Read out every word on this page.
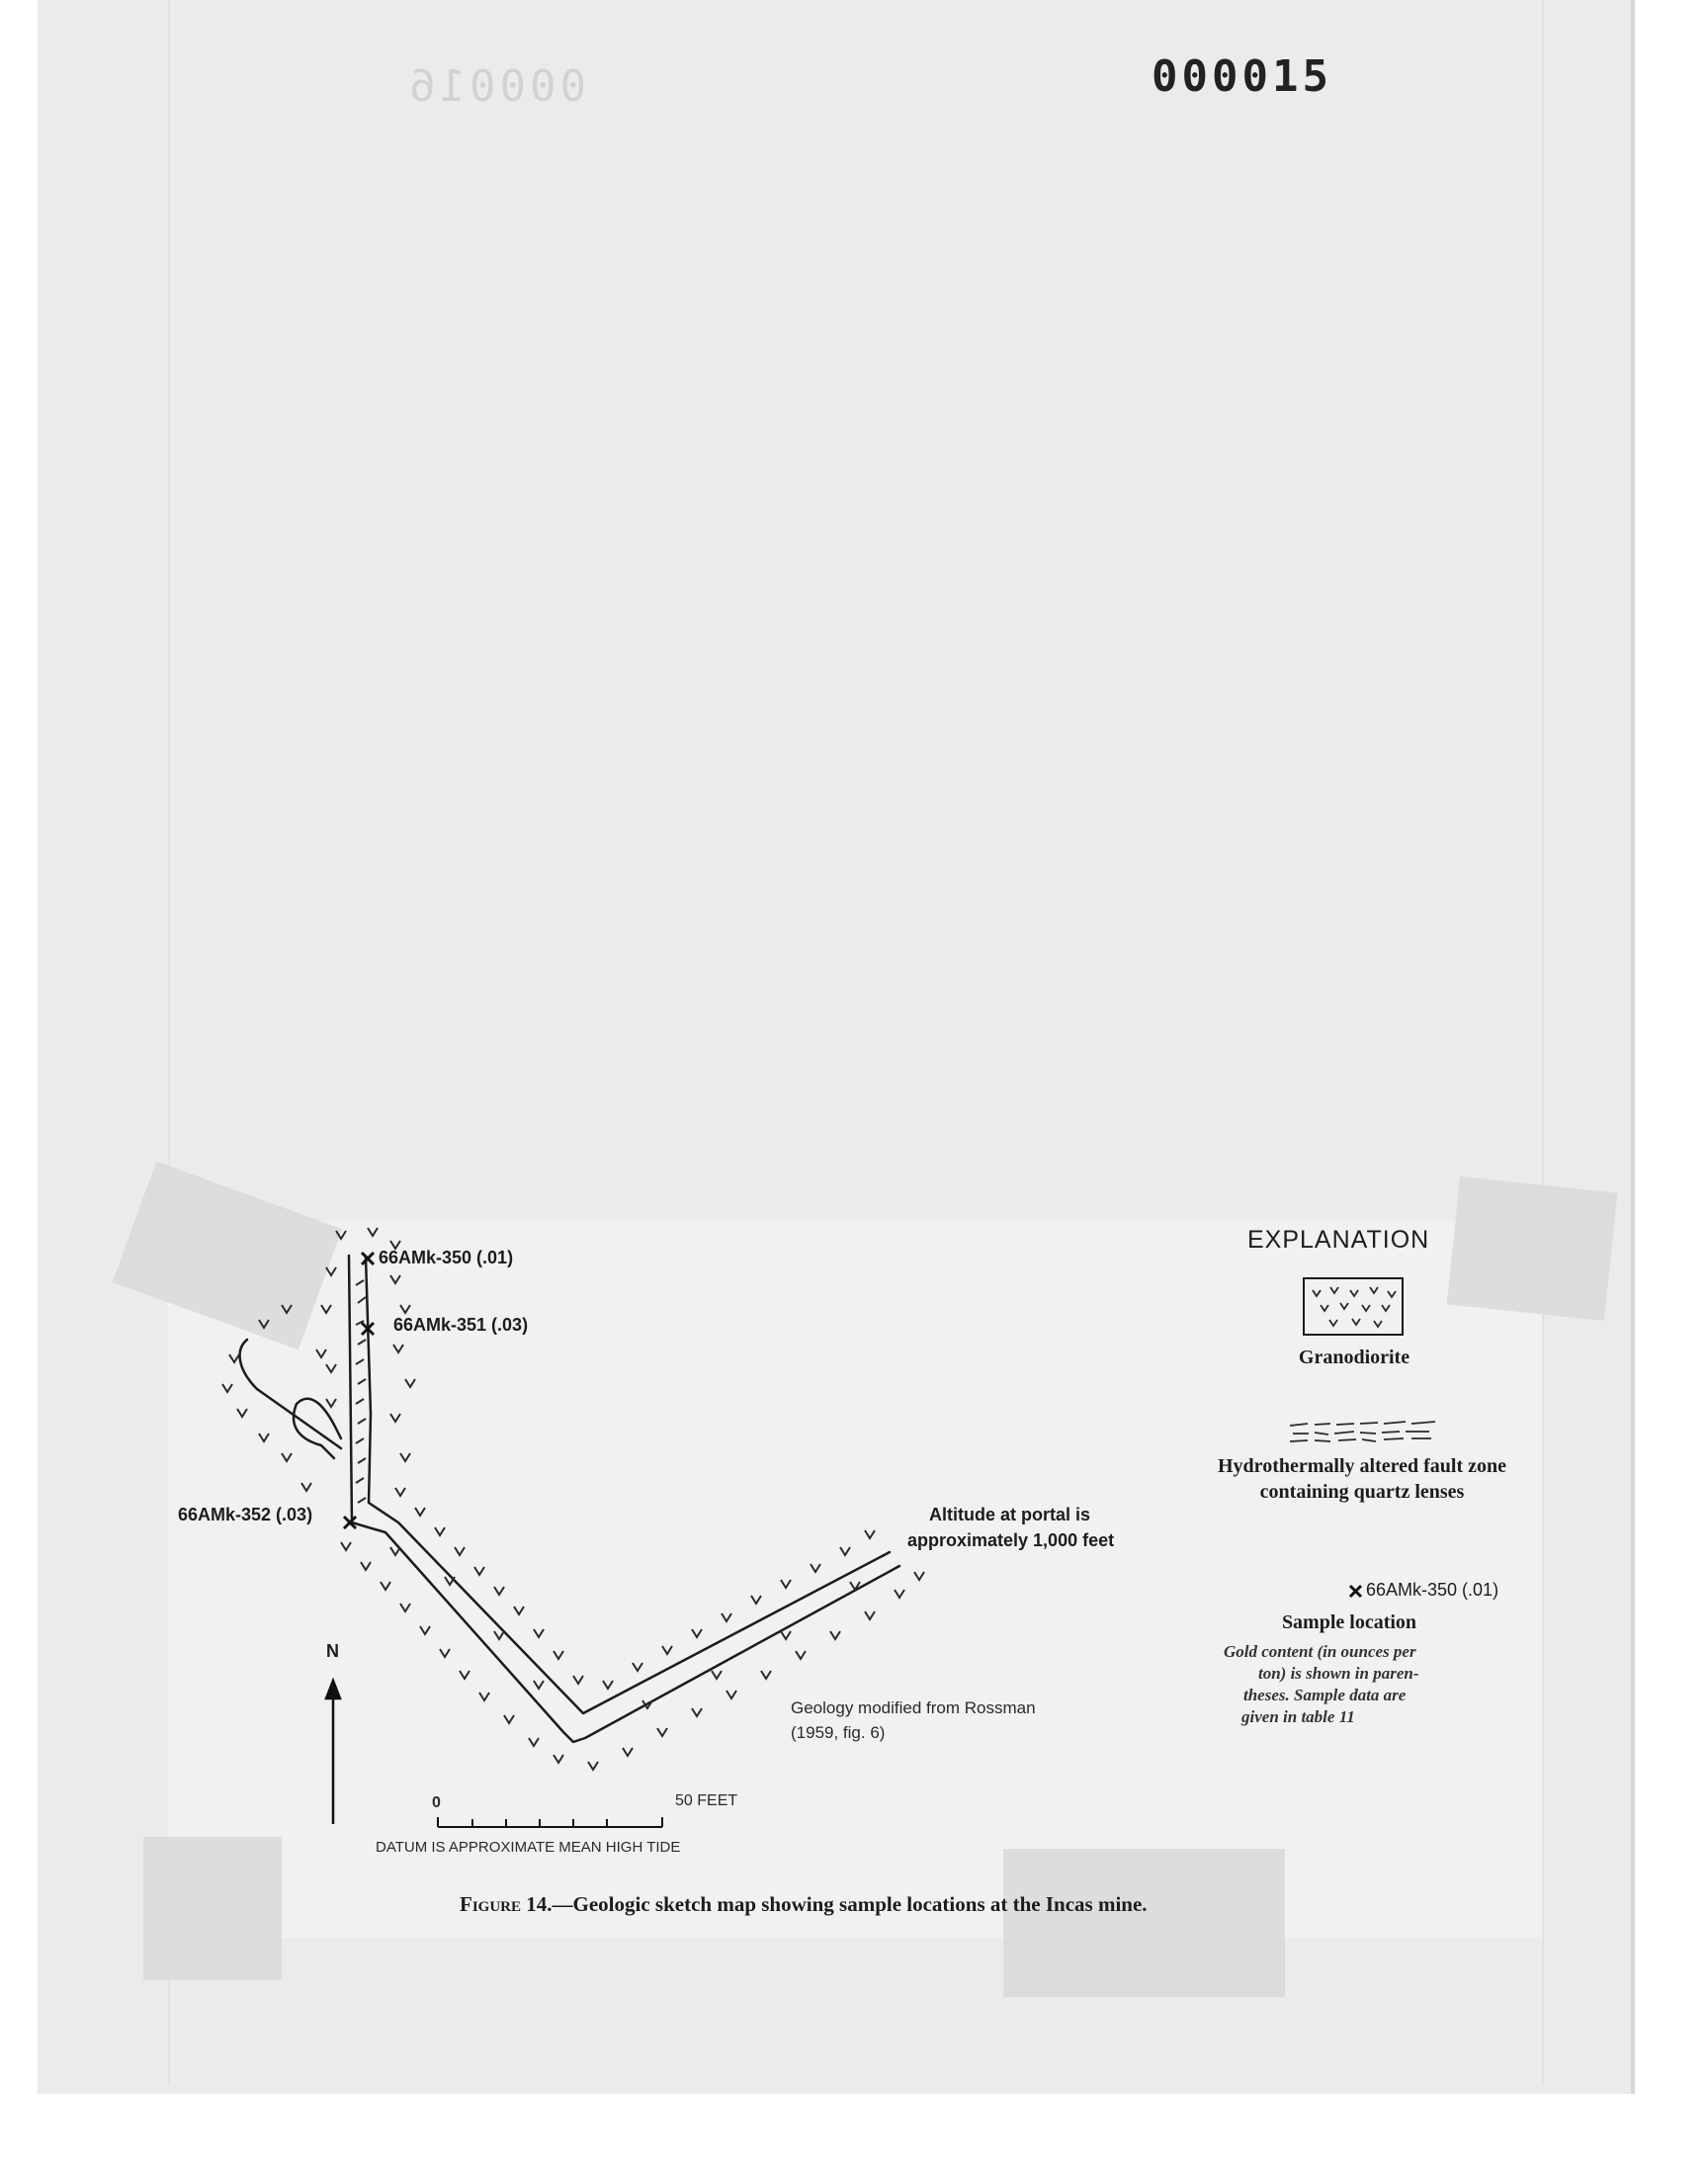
000016	000015
66AMk-350 (.01)
66AMk-351 (.03)
66AMk-352 (.03)	Altitude at portal is
approximately 1,000 feet
Geology modified from Rossman
(1959, fig. 6)
N
0	50 FEET
DATUM IS APPROXIMATE MEAN HIGH TIDE
EXPLANATION
Granodiorite
Hydrothermally altered fault zone
containing quartz lenses
66AMk-350 (.01)
Sample location
Gold content (in ounces per
ton) is shown in paren-
theses. Sample data are
given in table 11
Figure 14.—Geologic sketch map showing sample locations at the Incas mine.
